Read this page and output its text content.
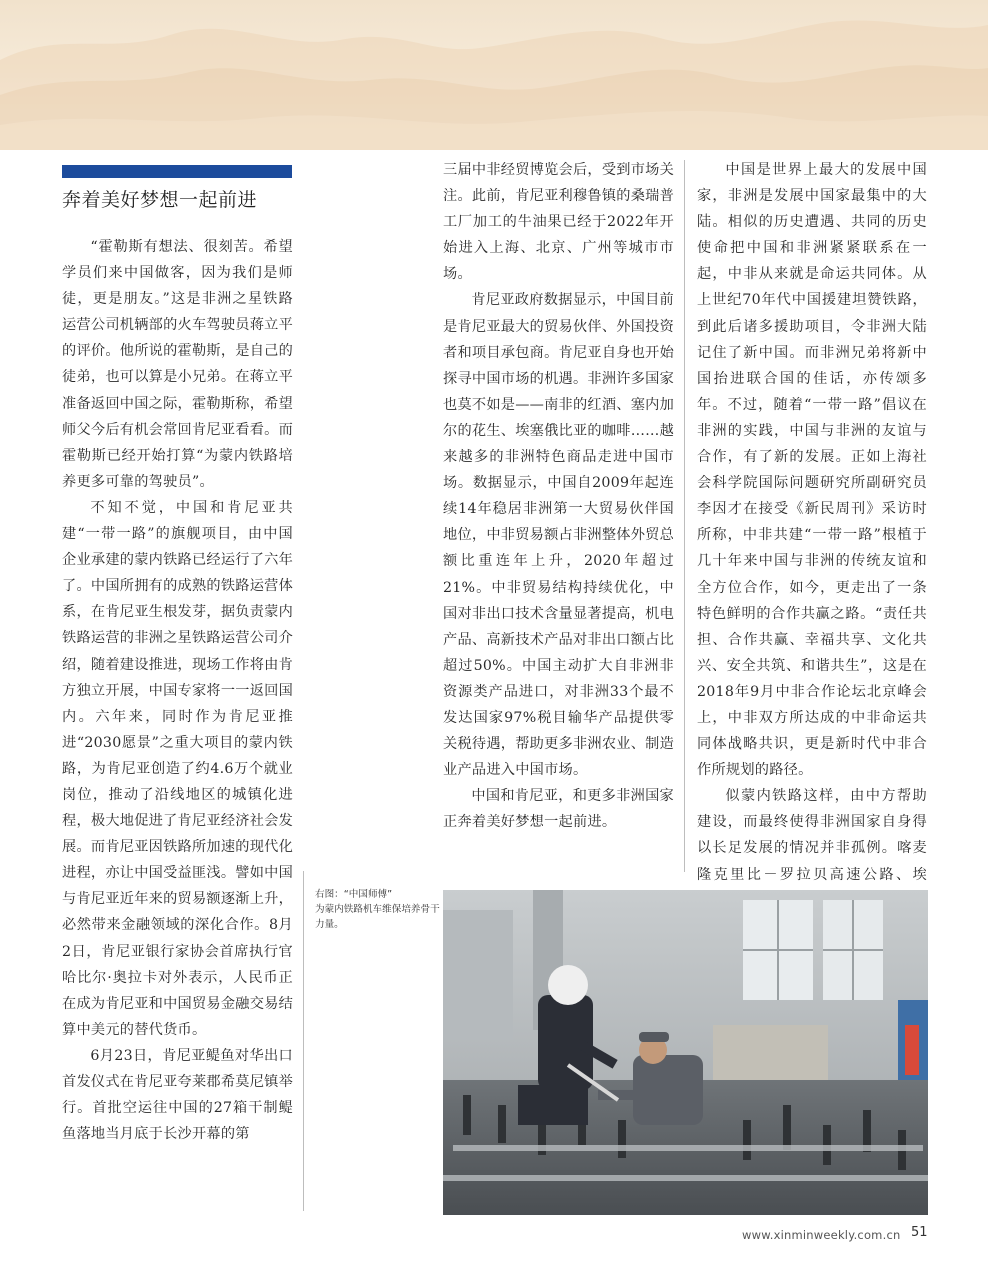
奔着美好梦想一起前进

“霍勒斯有想法、很刻苦。希望学员们来中国做客，因为我们是师徒，更是朋友。”这是非洲之星铁路运营公司机辆部的火车驾驶员蒋立平的评价。他所说的霍勒斯，是自己的徒弟，也可以算是小兄弟。在蒋立平准备返回中国之际，霍勒斯称，希望师父今后有机会常回肯尼亚看看。而霍勒斯已经开始打算“为蒙内铁路培养更多可靠的驾驶员”。

不知不觉，中国和肯尼亚共建“一带一路”的旗舰项目，由中国企业承建的蒙内铁路已经运行了六年了。中国所拥有的成熟的铁路运营体系，在肯尼亚生根发芽，据负责蒙内铁路运营的非洲之星铁路运营公司介绍，随着建设推进，现场工作将由肯方独立开展，中国专家将一一返回国内。六年来，同时作为肯尼亚推进“2030愿景”之重大项目的蒙内铁路，为肯尼亚创造了约4.6万个就业岗位，推动了沿线地区的城镇化进程，极大地促进了肯尼亚经济社会发展。而肯尼亚因铁路所加速的现代化进程，亦让中国受益匪浅。譬如中国与肯尼亚近年来的贸易额逐渐上升，必然带来金融领域的深化合作。8月2日，肯尼亚银行家协会首席执行官哈比尔·奥拉卡对外表示，人民币正在成为肯尼亚和中国贸易金融交易结算中美元的替代货币。

6月23日，肯尼亚鳀鱼对华出口首发仪式在肯尼亚夸莱郡希莫尼镇举行。首批空运往中国的27箱干制鳀鱼落地当月底于长沙开幕的第

三届中非经贸博览会后，受到市场关注。此前，肯尼亚利穆鲁镇的桑瑞普工厂加工的牛油果已经于2022年开始进入上海、北京、广州等城市市场。

肯尼亚政府数据显示，中国目前是肯尼亚最大的贸易伙伴、外国投资者和项目承包商。肯尼亚自身也开始探寻中国市场的机遇。非洲许多国家也莫不如是——南非的红酒、塞内加尔的花生、埃塞俄比亚的咖啡……越来越多的非洲特色商品走进中国市场。数据显示，中国自2009年起连续14年稳居非洲第一大贸易伙伴国地位，中非贸易额占非洲整体外贸总额比重连年上升，2020年超过21%。中非贸易结构持续优化，中国对非出口技术含量显著提高，机电产品、高新技术产品对非出口额占比超过50%。中国主动扩大自非洲非资源类产品进口，对非洲33个最不发达国家97%税目输华产品提供零关税待遇，帮助更多非洲农业、制造业产品进入中国市场。

中国和肯尼亚，和更多非洲国家正奔着美好梦想一起前进。

中国是世界上最大的发展中国家，非洲是发展中国家最集中的大陆。相似的历史遭遇、共同的历史使命把中国和非洲紧紧联系在一起，中非从来就是命运共同体。从上世纪70年代中国援建坦赞铁路，到此后诸多援助项目，令非洲大陆记住了新中国。而非洲兄弟将新中国抬进联合国的佳话，亦传颂多年。不过，随着“一带一路”倡议在非洲的实践，中国与非洲的友谊与合作，有了新的发展。正如上海社会科学院国际问题研究所副研究员李因才在接受《新民周刊》采访时所称，中非共建“一带一路”根植于几十年来中国与非洲的传统友谊和全方位合作，如今，更走出了一条特色鲜明的合作共赢之路。“责任共担、合作共赢、幸福共享、文化共兴、安全共筑、和谐共生”，这是在2018年9月中非合作论坛北京峰会上，中非双方所达成的中非命运共同体战略共识，更是新时代中非合作所规划的路径。

似蒙内铁路这样，由中方帮助建设，而最终使得非洲国家自身得以长足发展的情况并非孤例。喀麦隆克里比－罗拉贝高速公路、埃

右图：“中国师傅”
为蒙内铁路机车维保培养骨干力量。
www.xinminweekly.com.cn 51
